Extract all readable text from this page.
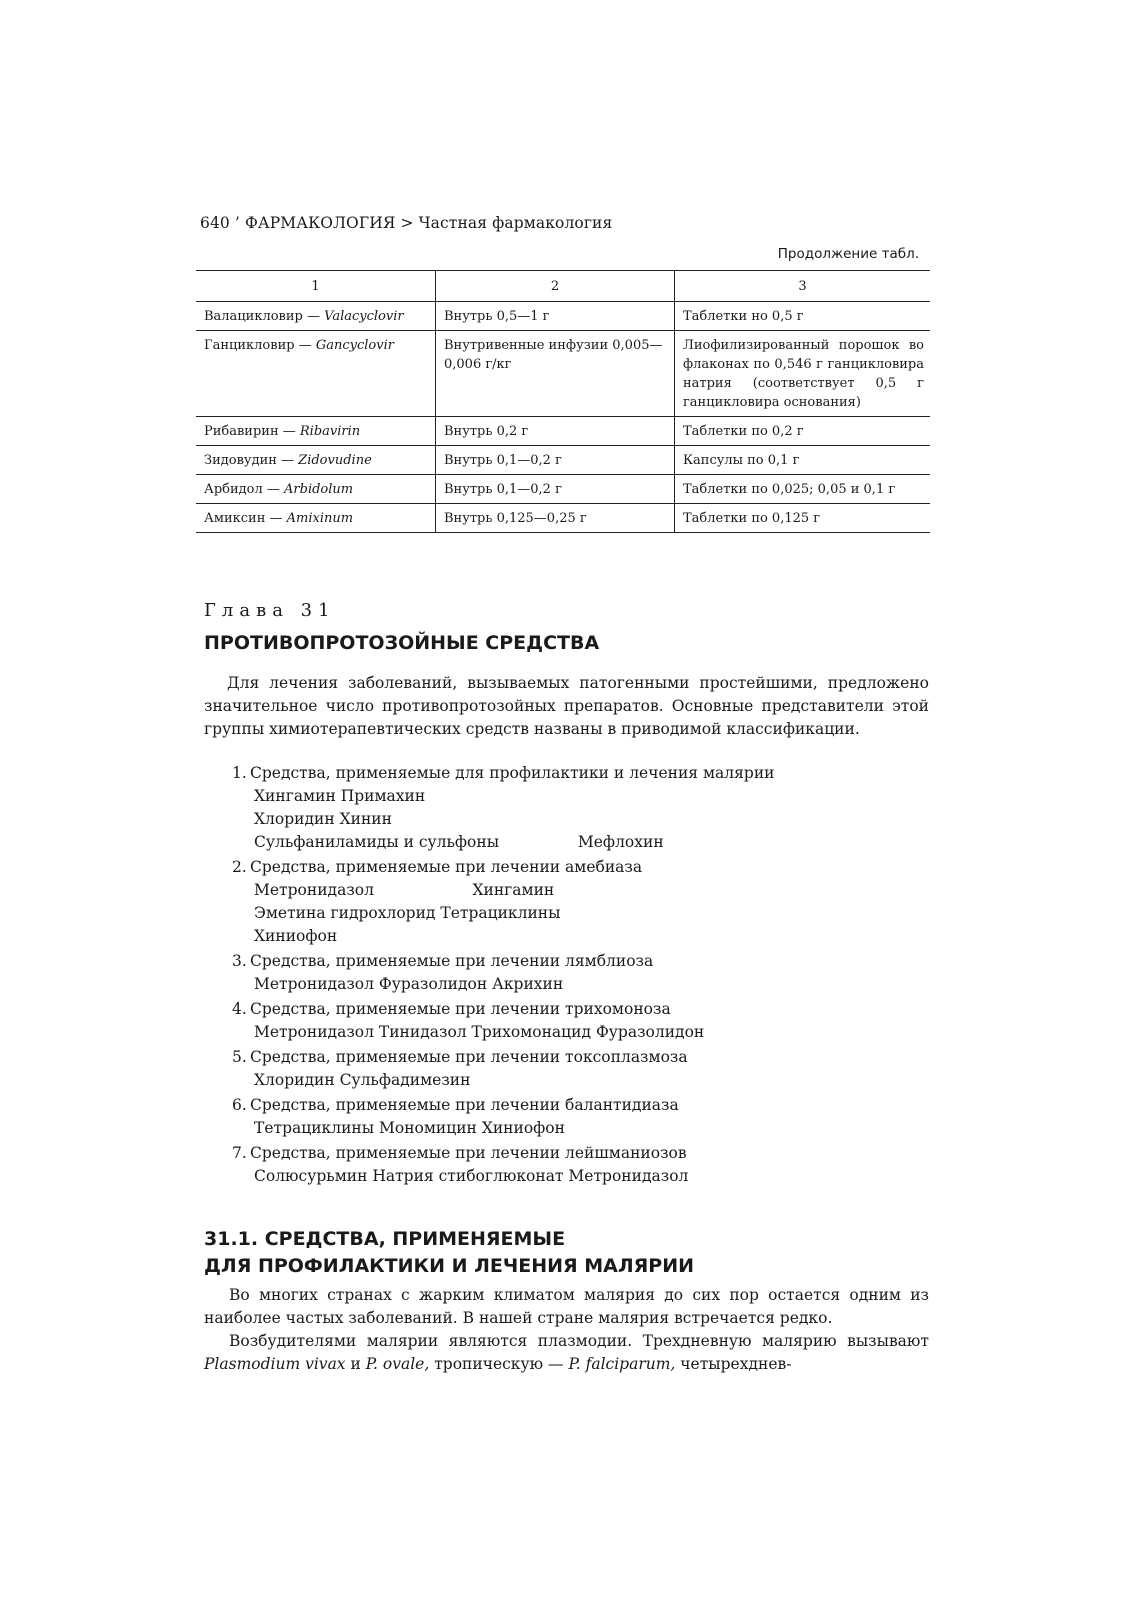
640 ’ ФАРМАКОЛОГИЯ > Частная фармакология
Продолжение табл.
1	2	3
Валацикловир — Valacyclovir	Внутрь 0,5—1 г	Таблетки но 0,5 г
Ганцикловир — Gancyclovir	Внутривенные инфузии 0,005—0,006 г/кг	Лиофилизированный порошок во флаконах по 0,546 г ганцикловира натрия (соответствует 0,5 г ганцикловира основания)
Рибавирин — Ribavirin	Внутрь 0,2 г	Таблетки по 0,2 г
Зидовудин — Zidovudine	Внутрь 0,1—0,2 г	Капсулы по 0,1 г
Арбидол — Arbidolum	Внутрь 0,1—0,2 г	Таблетки по 0,025; 0,05 и 0,1 г
Амиксин — Amixinum	Внутрь 0,125—0,25 г	Таблетки по 0,125 г
Глава 31
ПРОТИВОПРОТОЗОЙНЫЕ СРЕДСТВА

Для лечения заболеваний, вызываемых патогенными простейшими, предложено значительное число противопротозойных препаратов. Основные представители этой группы химиотерапевтических средств названы в приводимой классификации.

1. Средства, применяемые для профилактики и лечения малярии
Хингамин Примахин
Хлоридин Хинин
Сульфаниламиды и сульфоны                Мефлохин
2. Средства, применяемые при лечении амебиаза
Метронидазол                    Хингамин
Эметина гидрохлорид Тетрациклины
Хиниофон
3. Средства, применяемые при лечении лямблиоза
Метронидазол Фуразолидон Акрихин
4. Средства, применяемые при лечении трихомоноза
Метронидазол Тинидазол Трихомонацид Фуразолидон
5. Средства, применяемые при лечении токсоплазмоза
Хлоридин Сульфадимезин
6. Средства, применяемые при лечении балантидиаза
Тетрациклины Мономицин Хиниофон
7. Средства, применяемые при лечении лейшманиозов
Солюсурьмин Натрия стибоглюконат Метронидазол
31.1. СРЕДСТВА, ПРИМЕНЯЕМЫЕ
ДЛЯ ПРОФИЛАКТИКИ И ЛЕЧЕНИЯ МАЛЯРИИ

Во многих странах с жарким климатом малярия до сих пор остается одним из наиболее частых заболеваний. В нашей стране малярия встречается редко.

Возбудителями малярии являются плазмодии. Трехдневную малярию вызывают Plasmodium vivax и P. ovale, тропическую — P. falciparum, четырехднев-
